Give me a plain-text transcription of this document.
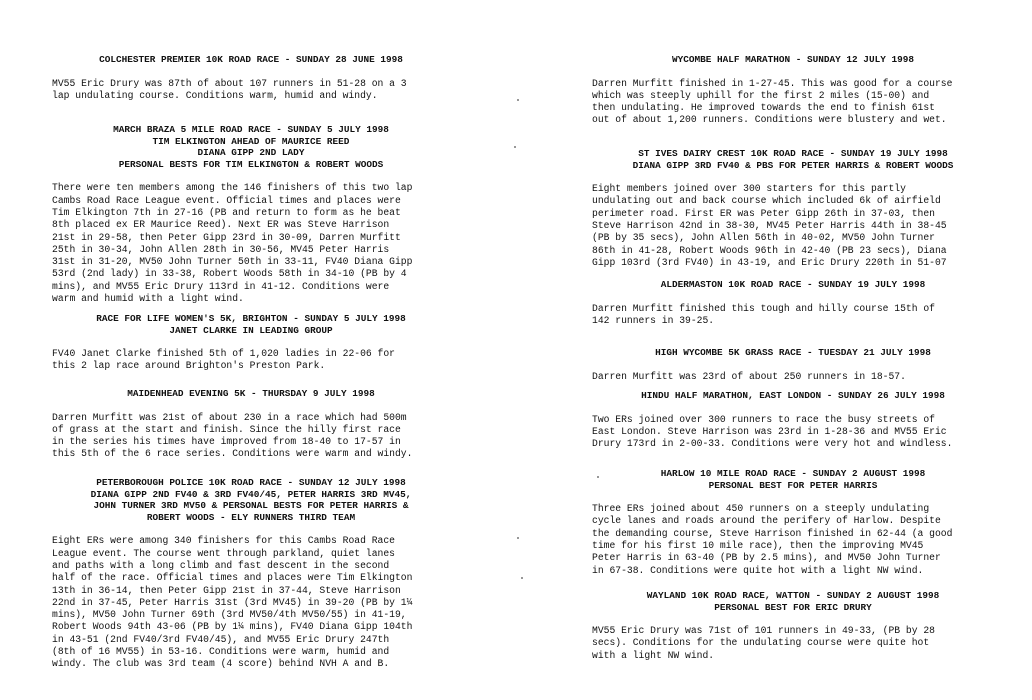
COLCHESTER PREMIER 10K ROAD RACE - SUNDAY 28 JUNE 1998
MV55 Eric Drury was 87th of about 107 runners in 51-28 on a 3
lap undulating course. Conditions warm, humid and windy.
MARCH BRAZA 5 MILE ROAD RACE - SUNDAY 5 JULY 1998
TIM ELKINGTON AHEAD OF MAURICE REED
DIANA GIPP 2ND LADY
PERSONAL BESTS FOR TIM ELKINGTON & ROBERT WOODS
There were ten members among the 146 finishers of this two lap
Cambs Road Race League event. Official times and places were
Tim Elkington 7th in 27-16 (PB and return to form as he beat
8th placed ex ER Maurice Reed). Next ER was Steve Harrison
21st in 29-58, then Peter Gipp 23rd in 30-09, Darren Murfitt
25th in 30-34, John Allen 28th in 30-56, MV45 Peter Harris
31st in 31-20, MV50 John Turner 50th in 33-11, FV40 Diana Gipp
53rd (2nd lady) in 33-38, Robert Woods 58th in 34-10 (PB by 4
mins), and MV55 Eric Drury 113rd in 41-12. Conditions were
warm and humid with a light wind.
RACE FOR LIFE WOMEN'S 5K, BRIGHTON - SUNDAY 5 JULY 1998
JANET CLARKE IN LEADING GROUP
FV40 Janet Clarke finished 5th of 1,020 ladies in 22-06 for
this 2 lap race around Brighton's Preston Park.
MAIDENHEAD EVENING 5K - THURSDAY 9 JULY 1998
Darren Murfitt was 21st of about 230 in a race which had 500m
of grass at the start and finish. Since the hilly first race
in the series his times have improved from 18-40 to 17-57 in
this 5th of the 6 race series. Conditions were warm and windy.
PETERBOROUGH POLICE 10K ROAD RACE - SUNDAY 12 JULY 1998
DIANA GIPP 2ND FV40 & 3RD FV40/45, PETER HARRIS 3RD MV45,
JOHN TURNER 3RD MV50 & PERSONAL BESTS FOR PETER HARRIS &
ROBERT WOODS - ELY RUNNERS THIRD TEAM
Eight ERs were among 340 finishers for this Cambs Road Race
League event. The course went through parkland, quiet lanes
and paths with a long climb and fast descent in the second
half of the race. Official times and places were Tim Elkington
13th in 36-14, then Peter Gipp 21st in 37-44, Steve Harrison
22nd in 37-45, Peter Harris 31st (3rd MV45) in 39-20 (PB by 1¼
mins), MV50 John Turner 69th (3rd MV50/4th MV50/55) in 41-19,
Robert Woods 94th 43-06 (PB by 1¼ mins), FV40 Diana Gipp 104th
in 43-51 (2nd FV40/3rd FV40/45), and MV55 Eric Drury 247th
(8th of 16 MV55) in 53-16. Conditions were warm, humid and
windy. The club was 3rd team (4 score) behind NVH A and B.
WYCOMBE HALF MARATHON - SUNDAY 12 JULY 1998
Darren Murfitt finished in 1-27-45. This was good for a course
which was steeply uphill for the first 2 miles (15-00) and
then undulating. He improved towards the end to finish 61st
out of about 1,200 runners. Conditions were blustery and wet.
ST IVES DAIRY CREST 10K ROAD RACE - SUNDAY 19 JULY 1998
DIANA GIPP 3RD FV40 & PBS FOR PETER HARRIS & ROBERT WOODS
Eight members joined over 300 starters for this partly
undulating out and back course which included 6k of airfield
perimeter road. First ER was Peter Gipp 26th in 37-03, then
Steve Harrison 42nd in 38-30, MV45 Peter Harris 44th in 38-45
(PB by 35 secs), John Allen 56th in 40-02, MV50 John Turner
86th in 41-28, Robert Woods 96th in 42-40 (PB 23 secs), Diana
Gipp 103rd (3rd FV40) in 43-19, and Eric Drury 220th in 51-07
ALDERMASTON 10K ROAD RACE - SUNDAY 19 JULY 1998
Darren Murfitt finished this tough and hilly course 15th of
142 runners in 39-25.
HIGH WYCOMBE 5K GRASS RACE - TUESDAY 21 JULY 1998
Darren Murfitt was 23rd of about 250 runners in 18-57.
HINDU HALF MARATHON, EAST LONDON - SUNDAY 26 JULY 1998
Two ERs joined over 300 runners to race the busy streets of
East London. Steve Harrison was 23rd in 1-28-36 and MV55 Eric
Drury 173rd in 2-00-33. Conditions were very hot and windless.
HARLOW 10 MILE ROAD RACE - SUNDAY 2 AUGUST 1998
PERSONAL BEST FOR PETER HARRIS
Three ERs joined about 450 runners on a steeply undulating
cycle lanes and roads around the perifery of Harlow. Despite
the demanding course, Steve Harrison finished in 62-44 (a good
time for his first 10 mile race), then the improving MV45
Peter Harris in 63-40 (PB by 2.5 mins), and MV50 John Turner
in 67-38. Conditions were quite hot with a light NW wind.
WAYLAND 10K ROAD RACE, WATTON - SUNDAY 2 AUGUST 1998
PERSONAL BEST FOR ERIC DRURY
MV55 Eric Drury was 71st of 101 runners in 49-33, (PB by 28
secs). Conditions for the undulating course were quite hot
with a light NW wind.
